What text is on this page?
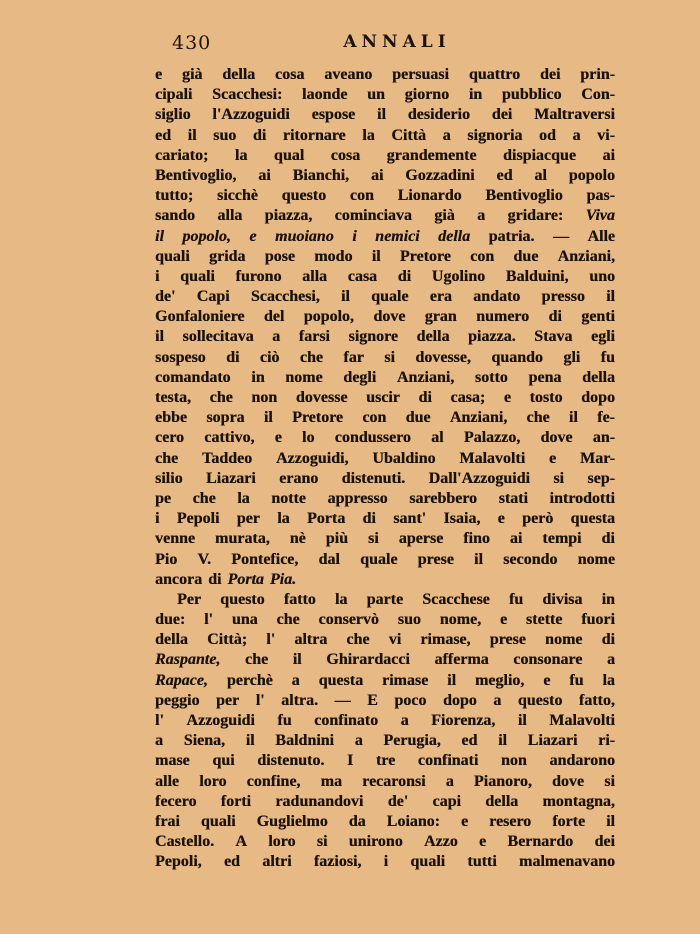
430	ANNALI
e già della cosa aveano persuasi quattro dei prin-
cipali Scacchesi: laonde un giorno in pubblico Con-
siglio l'Azzoguidi espose il desiderio dei Maltraversi
ed il suo di ritornare la Città a signoria od a vi-
cariato; la qual cosa grandemente dispiacque ai
Bentivoglio, ai Bianchi, ai Gozzadini ed al popolo
tutto; sicchè questo con Lionardo Bentivoglio pas-
sando alla piazza, cominciava già a gridare: Viva
il popolo, e muoiano i nemici della patria. — Alle
quali grida pose modo il Pretore con due Anziani,
i quali furono alla casa di Ugolino Balduini, uno
de' Capi Scacchesi, il quale era andato presso il
Gonfaloniere del popolo, dove gran numero di genti
il sollecitava a farsi signore della piazza. Stava egli
sospeso di ciò che far si dovesse, quando gli fu
comandato in nome degli Anziani, sotto pena della
testa, che non dovesse uscir di casa; e tosto dopo
ebbe sopra il Pretore con due Anziani, che il fe-
cero cattivo, e lo condussero al Palazzo, dove an-
che Taddeo Azzoguidi, Ubaldino Malavolti e Mar-
silio Liazari erano distenuti. Dall'Azzoguidi si sep-
pe che la notte appresso sarebbero stati introdotti
i Pepoli per la Porta di sant' Isaia, e però questa
venne murata, nè più si aperse fino ai tempi di
Pio V. Pontefice, dal quale prese il secondo nome
ancora di Porta Pia.
Per questo fatto la parte Scacchese fu divisa in
due: l' una che conservò suo nome, e stette fuori
della Città; l' altra che vi rimase, prese nome di
Raspante, che il Ghirardacci afferma consonare a
Rapace, perchè a questa rimase il meglio, e fu la
peggio per l' altra. — E poco dopo a questo fatto,
l' Azzoguidi fu confinato a Fiorenza, il Malavolti
a Siena, il Baldnini a Perugia, ed il Liazari ri-
mase qui distenuto. I tre confinati non andarono
alle loro confine, ma recaronsi a Pianoro, dove si
fecero forti radunandovi de' capi della montagna,
frai quali Guglielmo da Loiano: e resero forte il
Castello. A loro si unirono Azzo e Bernardo dei
Pepoli, ed altri faziosi, i quali tutti malmenavano
